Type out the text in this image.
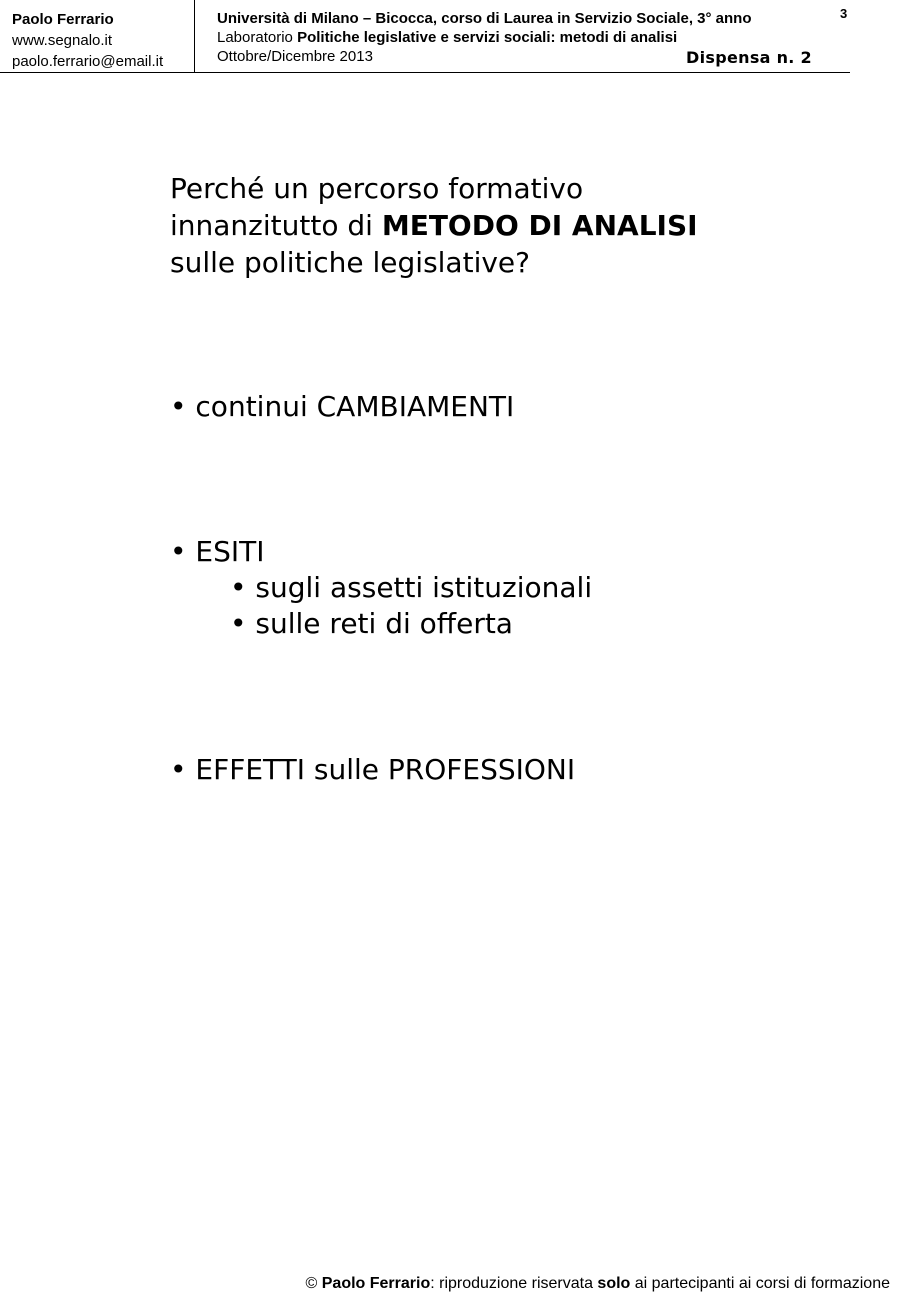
Paolo Ferrario
www.segnalo.it
paolo.ferrario@email.it
Università di Milano – Bicocca, corso di Laurea in Servizio Sociale, 3° anno
Laboratorio Politiche legislative e servizi sociali: metodi di analisi
Ottobre/Dicembre 2013
3
Dispensa n. 2
Perché un percorso formativo
innanzitutto di METODO DI ANALISI
sulle politiche legislative?
• continui CAMBIAMENTI
• ESITI
• sugli assetti istituzionali
• sulle reti di offerta
• EFFETTI sulle PROFESSIONI
© Paolo Ferrario: riproduzione riservata solo ai partecipanti ai corsi di formazione
